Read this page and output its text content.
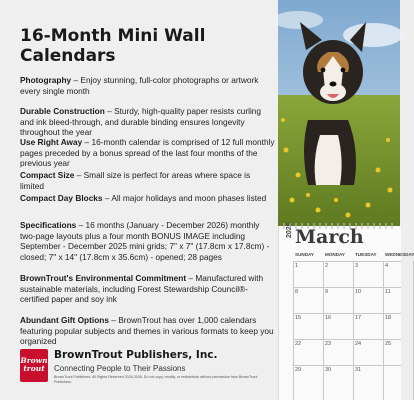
16-Month Mini Wall Calendars
Photography – Enjoy stunning, full-color photographs or artwork every single month
Durable Construction – Sturdy, high-quality paper resists curling and ink bleed-through, and durable binding ensures longevity throughout the year
Use Right Away – 16-month calendar is comprised of 12 full monthly pages preceded by a bonus spread of the last four months of the previous year
Compact Size – Small size is perfect for areas where space is limited
Compact Day Blocks – All major holidays and moon phases listed
Specifications – 16 months (January - December 2026) monthly two-page layouts plus a four month BONUS IMAGE including September - December 2025 mini grids; 7" x 7" (17.8cm x 17.8cm) - closed; 7" x 14" (17.8cm x 35.6cm) - opened; 28 pages
BrownTrout's Environmental Commitment – Manufactured with sustainable materials, including Forest Stewardship Council®-certified paper and soy ink
Abundant Gift Options – BrownTrout has over 1,000 calendars featuring popular subjects and themes in various formats to keep you organized
Brown trout
BrownTrout Publishers, Inc.
Connecting People to Their Passions
BrownTrout Publishers. All Rights Reserved 2025-2026. Do not copy, modify, or redistribute without permission from BrownTrout Publishers.
2026 March
SUNDAY MONDAY TUESDAY WEDNESDAY
1	2	3	4
8	9	10	11
15	16	17	18
22	23	24	25
29	30	31
